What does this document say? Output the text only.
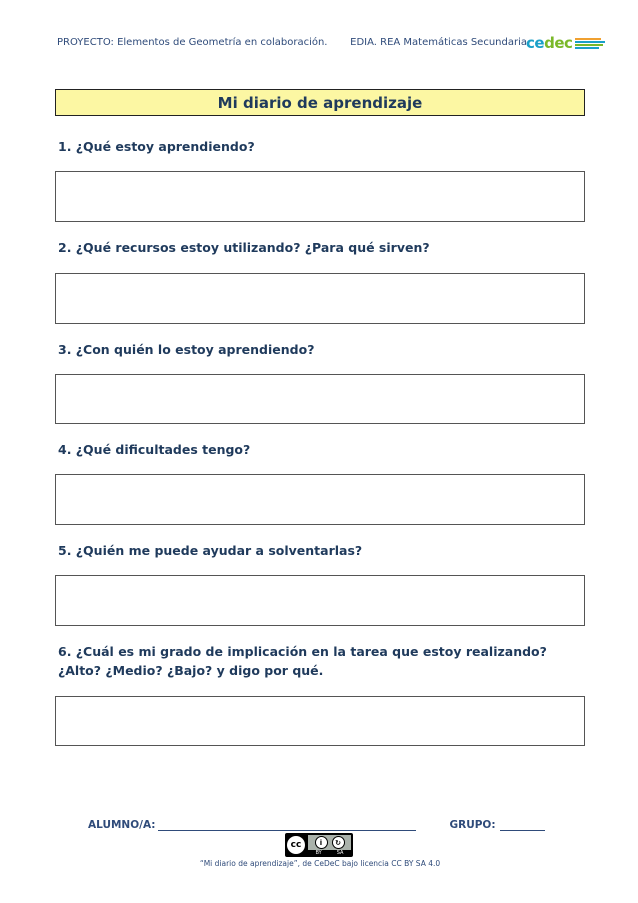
PROYECTO: Elementos de Geometría en colaboración. EDIA. REA Matemáticas Secundaria cedec
Mi diario de aprendizaje
1. ¿Qué estoy aprendiendo?
2. ¿Qué recursos estoy utilizando? ¿Para qué sirven?
3. ¿Con quién lo estoy aprendiendo?
4. ¿Qué dificultades tengo?
5. ¿Quién me puede ayudar a solventarlas?
6. ¿Cuál es mi grado de implicación en la tarea que estoy realizando? ¿Alto? ¿Medio? ¿Bajo? y digo por qué.
ALUMNO/A:	GRUPO:
cc	i	↻
BY	SA
“Mi diario de aprendizaje”, de CeDeC bajo licencia CC BY SA 4.0
